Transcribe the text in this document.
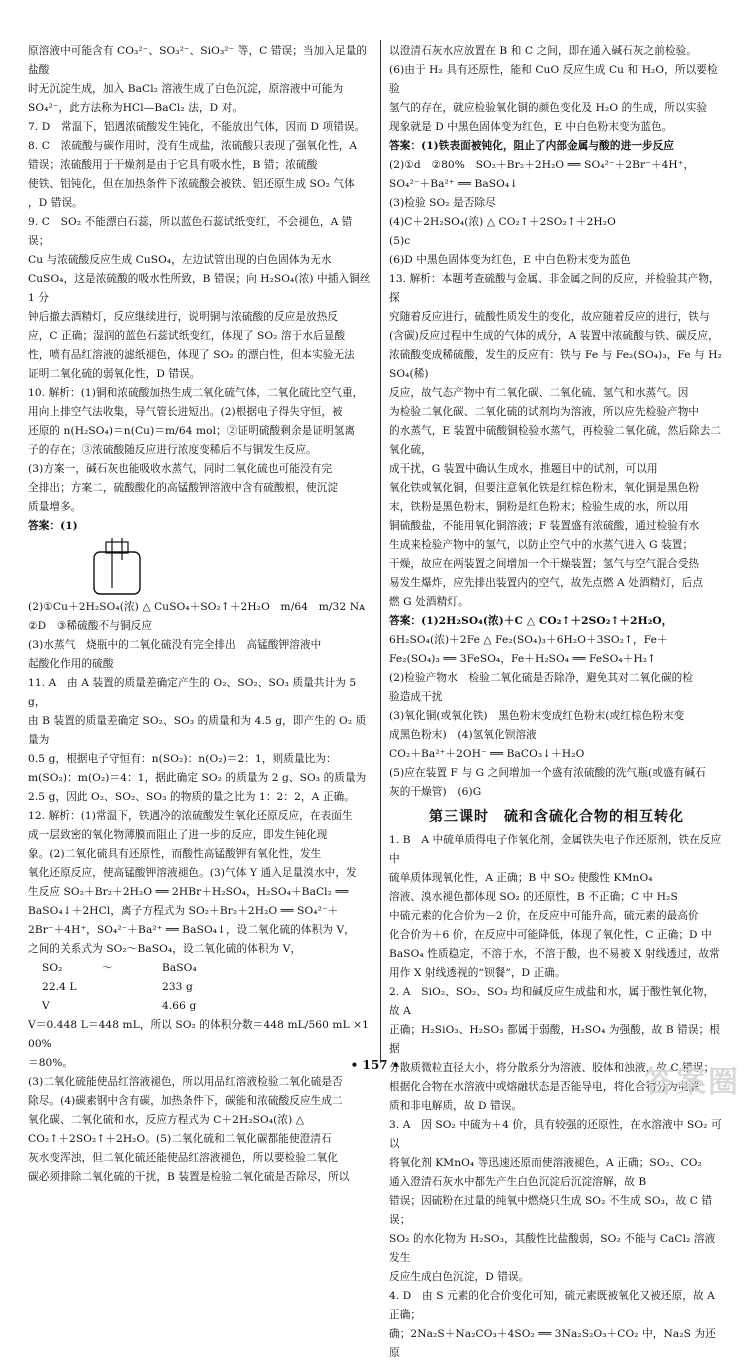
原溶液中可能含有 CO₃²⁻、SO₃²⁻、SiO₃²⁻ 等，C 错误；当加入足量的盐酸

时无沉淀生成，加入 BaCl₂ 溶液生成了白色沉淀，原溶液中可能为

SO₄²⁻，此方法称为HCl—BaCl₂ 法，D 对。

7. D　常温下，铝遇浓硫酸发生钝化，不能放出气体，因而 D 项错误。

8. C　浓硫酸与碳作用时，没有生成盐，浓硫酸只表现了强氧化性，A

错误；浓硫酸用于干燥剂是由于它具有吸水性，B 错；浓硫酸

使铁、铝钝化，但在加热条件下浓硫酸会被铁、铝还原生成 SO₂ 气体

，D 错误。

9. C　SO₂ 不能漂白石蕊，所以蓝色石蕊试纸变红，不会褪色，A 错误；

Cu 与浓硫酸反应生成 CuSO₄，左边试管出现的白色固体为无水

CuSO₄，这是浓硫酸的吸水性所致，B 错误；向 H₂SO₄(浓) 中插入铜丝 1 分

钟后撤去酒精灯，反应继续进行，说明铜与浓硫酸的反应是放热反

应，C 正确；湿润的蓝色石蕊试纸变红，体现了 SO₂ 溶于水后显酸

性，喷有品红溶液的滤纸褪色，体现了 SO₂ 的漂白性，但本实验无法

证明二氧化硫的弱氧化性，D 错误。

10. 解析：(1)铜和浓硫酸加热生成二氧化硫气体，二氧化硫比空气重，

用向上排空气法收集，导气管长进短出。(2)根据电子得失守恒，被

还原的 n(H₂SO₄)＝n(Cu)＝m/64 mol；②证明硫酸剩余是证明氢离

子的存在；③浓硫酸随反应进行浓度变稀后不与铜发生反应。

(3)方案一，碱石灰也能吸收水蒸气，同时二氧化硫也可能没有完

全排出；方案二，硫酸酸化的高锰酸钾溶液中含有硫酸根，使沉淀

质量增多。

答案：(1)

(2)①Cu＋2H₂SO₄(浓) △ CuSO₄＋SO₂↑＋2H₂O　m/64　m/32 Nᴀ

②D　③稀硫酸不与铜反应

(3)水蒸气　烧瓶中的二氧化硫没有完全排出　高锰酸钾溶液中

起酸化作用的硫酸

11. A　由 A 装置的质量差确定产生的 O₂、SO₂、SO₃ 质量共计为 5 g，

由 B 装置的质量差确定 SO₂、SO₃ 的质量和为 4.5 g，即产生的 O₂ 质量为

0.5 g，根据电子守恒有：n(SO₂)：n(O₂)＝2：1，则质量比为：

m(SO₂)：m(O₂)＝4：1，据此确定 SO₂ 的质量为 2 g、SO₃ 的质量为

2.5 g，因此 O₂、SO₂、SO₃ 的物质的量之比为 1：2：2，A 正确。

12. 解析：(1)常温下，铁遇冷的浓硫酸发生氧化还原反应，在表面生

成一层致密的氧化物薄膜而阻止了进一步的反应，即发生钝化现

象。(2)二氧化硫具有还原性，而酸性高锰酸钾有氧化性，发生

氧化还原反应，使高锰酸钾溶液褪色。(3)气体 Y 通入足量溴水中，发

生反应 SO₂＋Br₂＋2H₂O ══ 2HBr＋H₂SO₄，H₂SO₄＋BaCl₂ ══

BaSO₄↓＋2HCl，离子方程式为 SO₂＋Br₂＋2H₂O ══ SO₄²⁻＋

2Br⁻＋4H⁺，SO₄²⁻＋Ba²⁺ ══ BaSO₄↓，设二氧化硫的体积为 V，

之间的关系式为 SO₂～BaSO₄，设二氧化硫的体积为 V，

SO₂	～	BaSO₄
22.4 L	233 g
V	4.66 g

V＝0.448 L＝448 mL，所以 SO₂ 的体积分数＝448 mL/560 mL ×100%

＝80%。

(3)二氧化硫能使品红溶液褪色，所以用品红溶液检验二氧化硫是否

除尽。(4)碳素钢中含有碳，加热条件下，碳能和浓硫酸反应生成二

氧化碳、二氧化硫和水，反应方程式为 C＋2H₂SO₄(浓) △

CO₂↑＋2SO₂↑＋2H₂O。(5)二氧化硫和二氧化碳都能使澄清石

灰水变浑浊，但二氧化硫还能使品红溶液褪色，所以要检验二氧化

碳必须排除二氧化硫的干扰，B 装置是检验二氧化硫是否除尽，所以

以澄清石灰水应放置在 B 和 C 之间，即在通入碱石灰之前检验。

(6)由于 H₂ 具有还原性，能和 CuO 反应生成 Cu 和 H₂O，所以要检验

氢气的存在，就应检验氧化铜的颜色变化及 H₂O 的生成，所以实验

现象就是 D 中黑色固体变为红色，E 中白色粉末变为蓝色。

答案：(1)铁表面被钝化，阻止了内部金属与酸的进一步反应

(2)①d　②80%　SO₂＋Br₂＋2H₂O ══ SO₄²⁻＋2Br⁻＋4H⁺，

SO₄²⁻＋Ba²⁺ ══ BaSO₄↓

(3)检验 SO₂ 是否除尽

(4)C＋2H₂SO₄(浓) △ CO₂↑＋2SO₂↑＋2H₂O

(5)c

(6)D 中黑色固体变为红色，E 中白色粉末变为蓝色

13. 解析：本题考查硫酸与金属、非金属之间的反应，并检验其产物，探

究随着反应进行，硫酸性质发生的变化，故应随着反应的进行，铁与

(含碳)反应过程中生成的气体的成分，A 装置中浓硫酸与铁、碳反应，

浓硫酸变成稀硫酸，发生的反应有：铁与 Fe 与 Fe₂(SO₄)₃，Fe 与 H₂SO₄(稀)

反应，故气态产物中有二氧化碳、二氧化硫、氢气和水蒸气。因

为检验二氧化碳、二氧化硫的试剂均为溶液，所以应先检验产物中

的水蒸气，E 装置中硫酸铜检验水蒸气，再检验二氧化硫，然后除去二氧化硫，

成干扰，G 装置中确认生成水，推题目中的试剂，可以用

氧化铁或氧化铜，但要注意氧化铁是红棕色粉末，氧化铜是黑色粉

末，铁粉是黑色粉末，铜粉是红色粉末；检验生成的水，所以用

铜硫酸盐，不能用氧化铜溶液；F 装置盛有浓硫酸，通过检验有水

生成来检验产物中的氢气，以防止空气中的水蒸气进入 G 装置；

干燥，故应在两装置之间增加一个干燥装置；氢气与空气混合受热

易发生爆炸，应先排出装置内的空气，故先点燃 A 处酒精灯，后点

燃 G 处酒精灯。

答案：(1)2H₂SO₄(浓)＋C △ CO₂↑＋2SO₂↑＋2H₂O，

6H₂SO₄(浓)＋2Fe △ Fe₂(SO₄)₃＋6H₂O＋3SO₂↑，Fe＋

Fe₂(SO₄)₃ ══ 3FeSO₄，Fe＋H₂SO₄ ══ FeSO₄＋H₂↑

(2)检验产物水　检验二氧化硫是否除净，避免其对二氧化碳的检

验造成干扰

(3)氧化铜(或氧化铁)　黑色粉末变成红色粉末(或红棕色粉末变

成黑色粉末)　(4)氢氧化钡溶液

CO₂＋Ba²⁺＋2OH⁻ ══ BaCO₃↓＋H₂O

(5)应在装置 F 与 G 之间增加一个盛有浓硫酸的洗气瓶(或盛有碱石

灰的干燥管)　(6)G

第三课时　硫和含硫化合物的相互转化

1. B　A 中硫单质得电子作氧化剂，金属铁失电子作还原剂，铁在反应中

硫单质体现氧化性，A 正确；B 中 SO₂ 使酸性 KMnO₄

溶液、溴水褪色都体现 SO₂ 的还原性，B 不正确；C 中 H₂S

中硫元素的化合价为－2 价，在反应中可能升高，硫元素的最高价

化合价为＋6 价，在反应中可能降低，体现了氧化性，C 正确；D 中

BaSO₄ 性质稳定，不溶于水，不溶于酸，也不易被 X 射线透过，故常

用作 X 射线透视的“钡餐”，D 正确。

2. A　SiO₂、SO₂、SO₃ 均和碱反应生成盐和水，属于酸性氧化物，故 A

正确；H₂SiO₃、H₂SO₃ 都属于弱酸，H₂SO₄ 为强酸，故 B 错误；根据

分散质微粒直径大小，将分散系分为溶液、胶体和浊液，故 C 错误；

根据化合物在水溶液中或熔融状态是否能导电，将化合物分为电解

质和非电解质，故 D 错误。

3. A　因 SO₂ 中硫为＋4 价，具有较强的还原性，在水溶液中 SO₂ 可以

将氧化剂 KMnO₄ 等迅速还原而使溶液褪色，A 正确；SO₂、CO₂

通入澄清石灰水中都先产生白色沉淀后沉淀溶解，故 B

错误；因硫粉在过量的纯氧中燃烧只生成 SO₂ 不生成 SO₃，故 C 错误；

SO₂ 的水化物为 H₂SO₃，其酸性比盐酸弱，SO₂ 不能与 CaCl₂ 溶液发生

反应生成白色沉淀，D 错误。

4. D　由 S 元素的化合价变化可知，硫元素既被氧化又被还原，故 A 正确；

确；2Na₂S＋Na₂CO₃＋4SO₂ ══ 3Na₂S₂O₃＋CO₂ 中，Na₂S 为还原

• 157 •	答案圈
